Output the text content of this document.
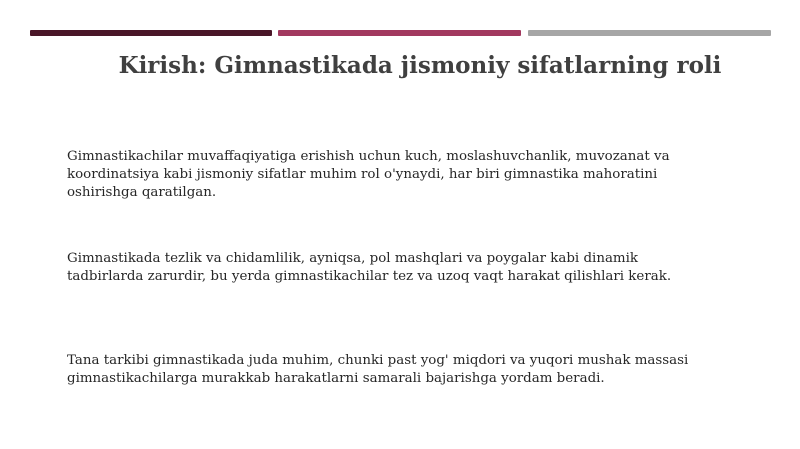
Kirish: Gimnastikada jismoniy sifatlarning roli
Gimnastikachilar muvaffaqiyatiga erishish uchun kuch, moslashuvchanlik, muvozanat va
koordinatsiya kabi jismoniy sifatlar muhim rol o'ynaydi, har biri gimnastika mahoratini
oshirishga qaratilgan.
Gimnastikada tezlik va chidamlilik, ayniqsa, pol mashqlari va poygalar kabi dinamik
tadbirlarda zarurdir, bu yerda gimnastikachilar tez va uzoq vaqt harakat qilishlari kerak.
Tana tarkibi gimnastikada juda muhim, chunki past yog' miqdori va yuqori mushak massasi
gimnastikachilarga murakkab harakatlarni samarali bajarishga yordam beradi.
